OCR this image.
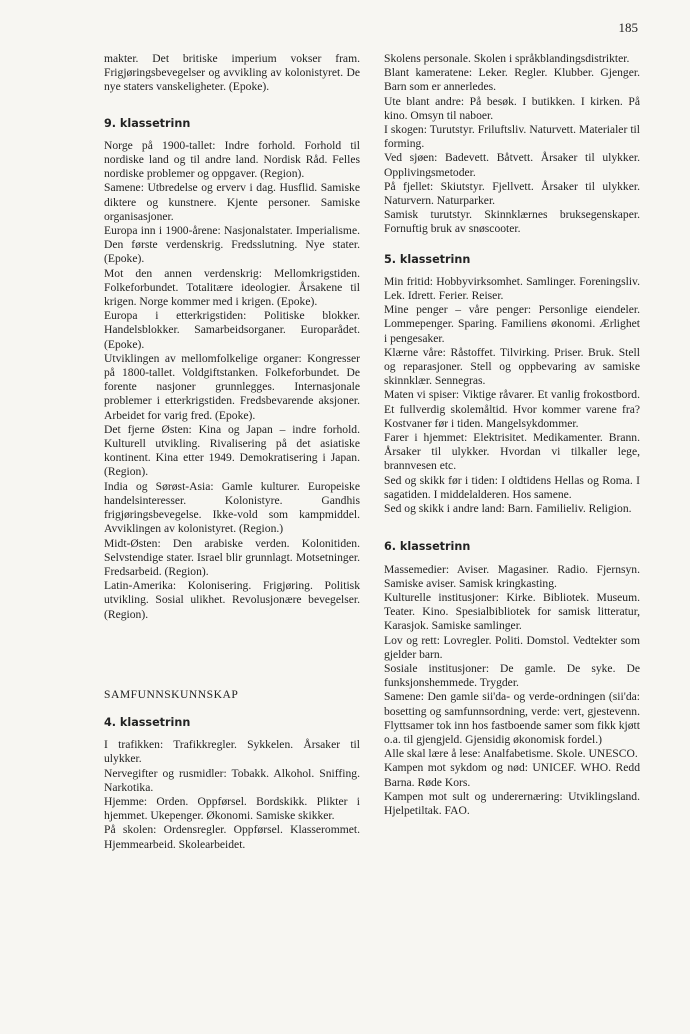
185

makter. Det britiske imperium vokser fram. Frigjøringsbevegelser og avvikling av kolonistyret. De nye staters vanskeligheter. (Epoke).

9. klassetrinn

Norge på 1900-tallet: Indre forhold. Forhold til nordiske land og til andre land. Nordisk Råd. Felles nordiske problemer og oppgaver. (Region).

Samene: Utbredelse og erverv i dag. Husflid. Samiske diktere og kunstnere. Kjente personer. Samiske organisasjoner.

Europa inn i 1900-årene: Nasjonalstater. Imperialisme. Den første verdenskrig. Fredsslutning. Nye stater. (Epoke).

Mot den annen verdenskrig: Mellomkrigstiden. Folkeforbundet. Totalitære ideologier. Årsakene til krigen. Norge kommer med i krigen. (Epoke).

Europa i etterkrigstiden: Politiske blokker. Handelsblokker. Samarbeidsorganer. Europarådet. (Epoke).

Utviklingen av mellomfolkelige organer: Kongresser på 1800-tallet. Voldgiftstanken. Folkeforbundet. De forente nasjoner grunnlegges. Internasjonale problemer i etterkrigstiden. Fredsbevarende aksjoner. Arbeidet for varig fred. (Epoke).

Det fjerne Østen: Kina og Japan – indre forhold. Kulturell utvikling. Rivalisering på det asiatiske kontinent. Kina etter 1949. Demokratisering i Japan. (Region).

India og Sørøst-Asia: Gamle kulturer. Europeiske handelsinteresser. Kolonistyre. Gandhis frigjøringsbevegelse. Ikke-vold som kampmiddel. Avviklingen av kolonistyret. (Region.)

Midt-Østen: Den arabiske verden. Kolonitiden. Selvstendige stater. Israel blir grunnlagt. Motsetninger. Fredsarbeid. (Region).

Latin-Amerika: Kolonisering. Frigjøring. Politisk utvikling. Sosial ulikhet. Revolusjonære bevegelser. (Region).

SAMFUNNSKUNNSKAP

4. klassetrinn

I trafikken: Trafikkregler. Sykkelen. Årsaker til ulykker.

Nervegifter og rusmidler: Tobakk. Alkohol. Sniffing. Narkotika.

Hjemme: Orden. Oppførsel. Bordskikk. Plikter i hjemmet. Ukepenger. Økonomi. Samiske skikker.

På skolen: Ordensregler. Oppførsel. Klasserommet. Hjemmearbeid. Skolearbeidet.

Skolens personale. Skolen i språkblandingsdistrikter.

Blant kameratene: Leker. Regler. Klubber. Gjenger. Barn som er annerledes.

Ute blant andre: På besøk. I butikken. I kirken. På kino. Omsyn til naboer.

I skogen: Turutstyr. Friluftsliv. Naturvett. Materialer til forming.

Ved sjøen: Badevett. Båtvett. Årsaker til ulykker. Opplivingsmetoder.

På fjellet: Skiutstyr. Fjellvett. Årsaker til ulykker. Naturvern. Naturparker.

Samisk turutstyr. Skinnklærnes bruksegenskaper. Fornuftig bruk av snøscooter.

5. klassetrinn

Min fritid: Hobbyvirksomhet. Samlinger. Foreningsliv. Lek. Idrett. Ferier. Reiser.

Mine penger – våre penger: Personlige eiendeler. Lommepenger. Sparing. Familiens økonomi. Ærlighet i pengesaker.

Klærne våre: Råstoffet. Tilvirking. Priser. Bruk. Stell og reparasjoner. Stell og oppbevaring av samiske skinnklær. Sennegras.

Maten vi spiser: Viktige råvarer. Et vanlig frokostbord. Et fullverdig skolemåltid. Hvor kommer varene fra? Kostvaner før i tiden. Mangelsykdommer.

Farer i hjemmet: Elektrisitet. Medikamenter. Brann. Årsaker til ulykker. Hvordan vi tilkaller lege, brannvesen etc.

Sed og skikk før i tiden: I oldtidens Hellas og Roma. I sagatiden. I middelalderen. Hos samene.

Sed og skikk i andre land: Barn. Familieliv. Religion.

6. klassetrinn

Massemedier: Aviser. Magasiner. Radio. Fjernsyn. Samiske aviser. Samisk kringkasting.

Kulturelle institusjoner: Kirke. Bibliotek. Museum. Teater. Kino. Spesialbibliotek for samisk litteratur, Karasjok. Samiske samlinger.

Lov og rett: Lovregler. Politi. Domstol. Vedtekter som gjelder barn.

Sosiale institusjoner: De gamle. De syke. De funksjonshemmede. Trygder.

Samene: Den gamle sii'da- og verde-ordningen (sii'da: bosetting og samfunnsordning, verde: vert, gjestevenn. Flyttsamer tok inn hos fastboende samer som fikk kjøtt o.a. til gjengjeld. Gjensidig økonomisk fordel.)

Alle skal lære å lese: Analfabetisme. Skole. UNESCO.

Kampen mot sykdom og nød: UNICEF. WHO. Redd Barna. Røde Kors.

Kampen mot sult og underernæring: Utviklingsland. Hjelpetiltak. FAO.
